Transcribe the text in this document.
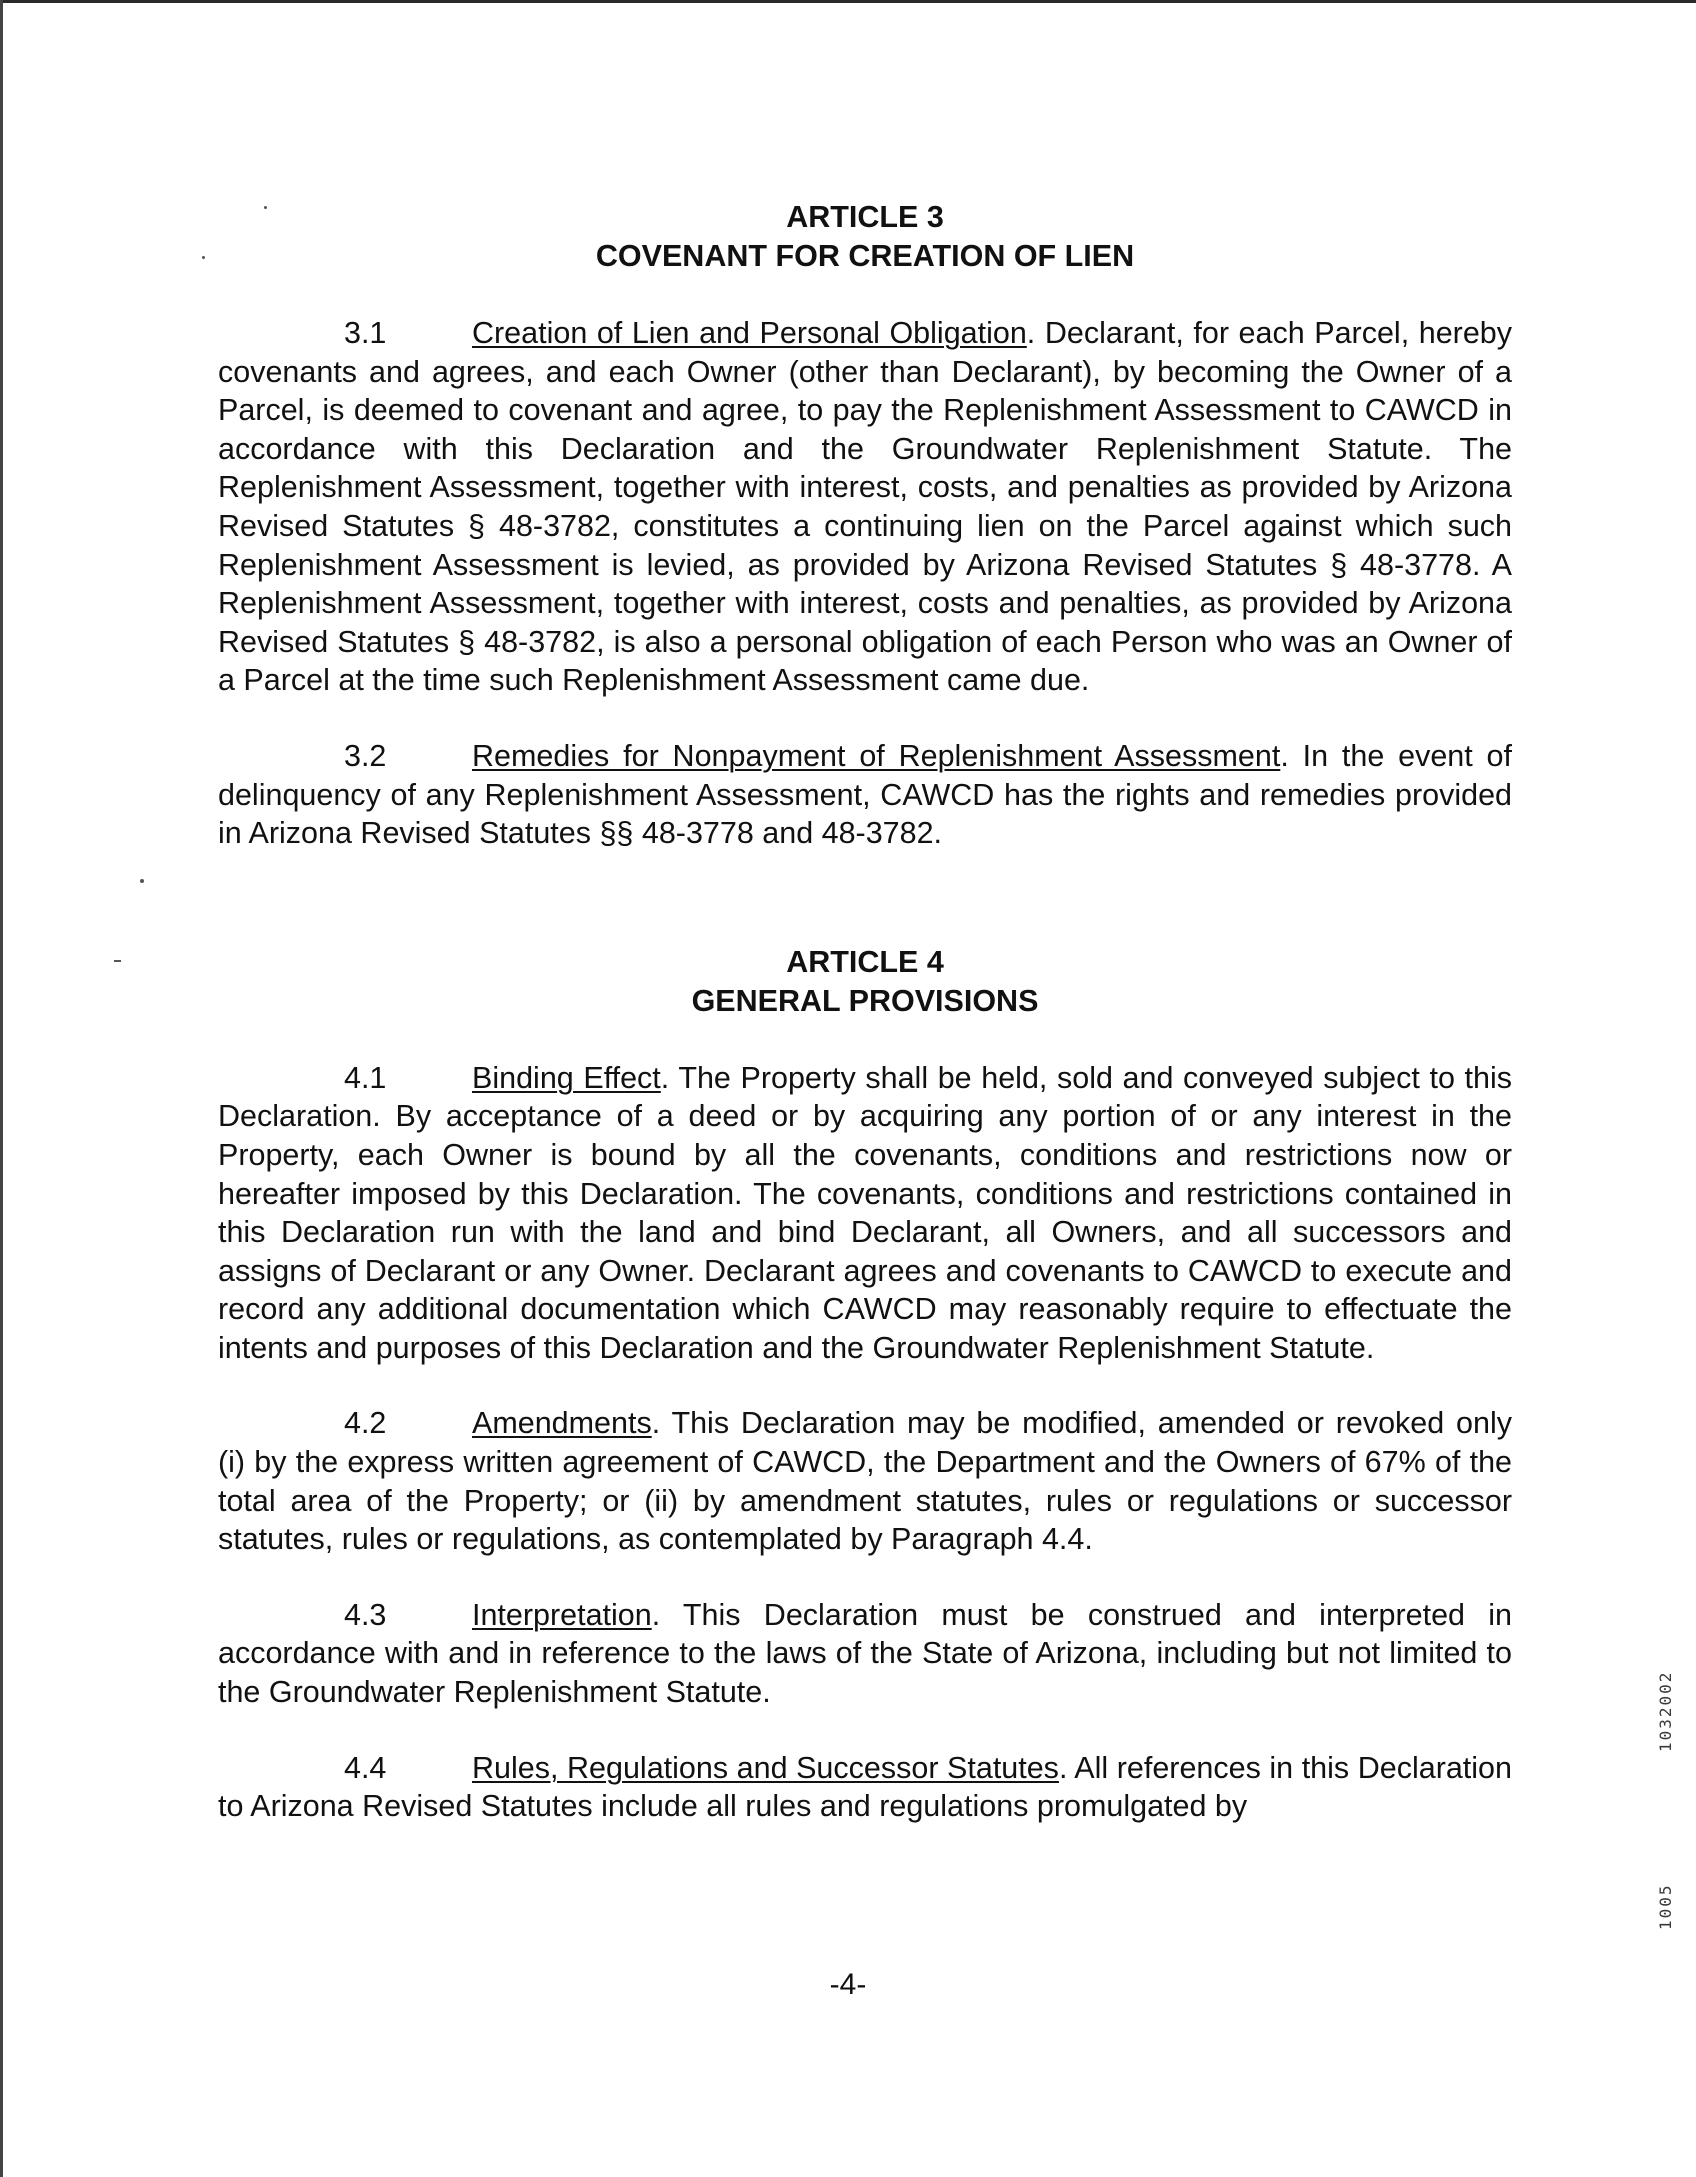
ARTICLE 3
COVENANT FOR CREATION OF LIEN

3.1	Creation of Lien and Personal Obligation. Declarant, for each Parcel, hereby covenants and agrees, and each Owner (other than Declarant), by becoming the Owner of a Parcel, is deemed to covenant and agree, to pay the Replenishment Assessment to CAWCD in accordance with this Declaration and the Groundwater Replenishment Statute. The Replenishment Assessment, together with interest, costs, and penalties as provided by Arizona Revised Statutes § 48-3782, constitutes a continuing lien on the Parcel against which such Replenishment Assessment is levied, as provided by Arizona Revised Statutes § 48-3778. A Replenishment Assessment, together with interest, costs and penalties, as provided by Arizona Revised Statutes § 48-3782, is also a personal obligation of each Person who was an Owner of a Parcel at the time such Replenishment Assessment came due.

3.2	Remedies for Nonpayment of Replenishment Assessment. In the event of delinquency of any Replenishment Assessment, CAWCD has the rights and remedies provided in Arizona Revised Statutes §§ 48-3778 and 48-3782.

ARTICLE 4
GENERAL PROVISIONS

4.1	Binding Effect. The Property shall be held, sold and conveyed subject to this Declaration. By acceptance of a deed or by acquiring any portion of or any interest in the Property, each Owner is bound by all the covenants, conditions and restrictions now or hereafter imposed by this Declaration. The covenants, conditions and restrictions contained in this Declaration run with the land and bind Declarant, all Owners, and all successors and assigns of Declarant or any Owner. Declarant agrees and covenants to CAWCD to execute and record any additional documentation which CAWCD may reasonably require to effectuate the intents and purposes of this Declaration and the Groundwater Replenishment Statute.

4.2	Amendments. This Declaration may be modified, amended or revoked only (i) by the express written agreement of CAWCD, the Department and the Owners of 67% of the total area of the Property; or (ii) by amendment statutes, rules or regulations or successor statutes, rules or regulations, as contemplated by Paragraph 4.4.

4.3	Interpretation. This Declaration must be construed and interpreted in accordance with and in reference to the laws of the State of Arizona, including but not limited to the Groundwater Replenishment Statute.

4.4	Rules, Regulations and Successor Statutes. All references in this Declaration to Arizona Revised Statutes include all rules and regulations promulgated by

-4-
1032002
1005
